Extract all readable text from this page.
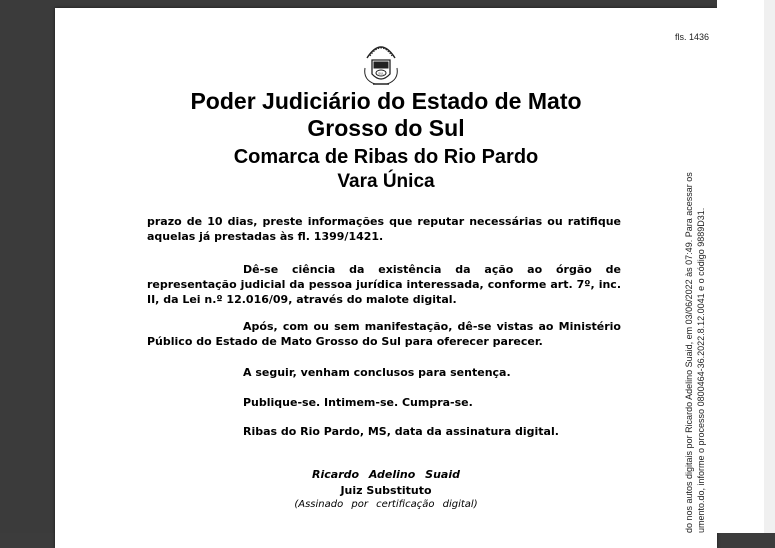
fls. 1436
SUL
Poder Judiciário do Estado de Mato
Grosso do Sul
Comarca de Ribas do Rio Pardo
Vara Única
prazo de 10 dias, preste informações que reputar necessárias ou ratifique aquelas já prestadas às fl. 1399/1421.
Dê-se ciência da existência da ação ao órgão de representação judicial da pessoa jurídica interessada, conforme art. 7º, inc. II, da Lei n.º 12.016/09, através do malote digital.
Após, com ou sem manifestação, dê-se vistas ao Ministério Público do Estado de Mato Grosso do Sul para oferecer parecer.
A seguir, venham conclusos para sentença.
Publique-se. Intimem-se. Cumpra-se.
Ribas do Rio Pardo, MS, data da assinatura digital.
Ricardo Adelino Suaid
Juiz Substituto
(Assinado por certificação digital)	do nos autos digitais por Ricardo Adelino Suaid, em 03/06/2022 às 07:49. Para acessar os umento.do, informe o processo 0800464-36.2022.8.12.0041 e o código 9889D31.
